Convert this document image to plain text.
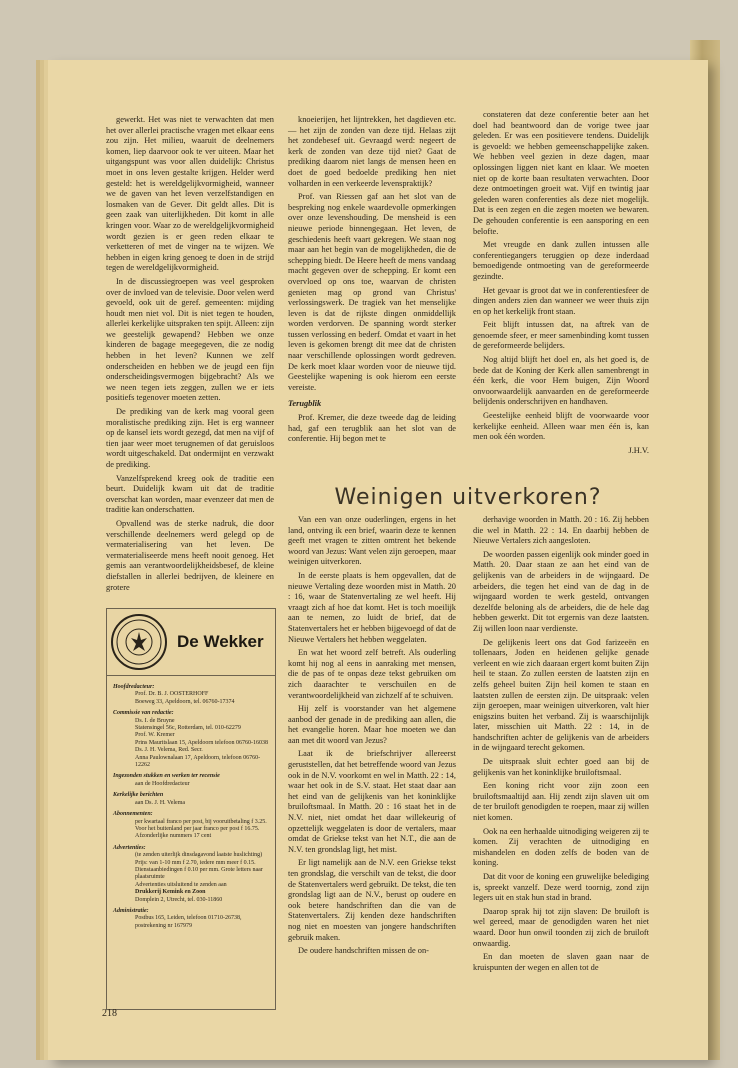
gewerkt. Het was niet te verwachten dat men het over allerlei practische vragen met elkaar eens zou zijn. Het milieu, waaruit de deelnemers komen, liep daarvoor ook te ver uiteen. Maar het uitgangspunt was voor allen duidelijk: Christus moet in ons leven gestalte krijgen. Helder werd gesteld: het is wereldgelijkvormigheid, wanneer we de gaven van het leven verzelfstandigen en losmaken van de Gever. Dit geldt alles. Dit is geen zaak van uiterlijkheden. Dit komt in alle kringen voor. Waar zo de wereldgelijkvormigheid wordt gezien is er geen reden elkaar te verketteren of met de vinger na te wijzen. We hebben in eigen kring genoeg te doen in de strijd tegen de wereldgelijkvormigheid.

In de discussiegroepen was veel gesproken over de invloed van de televisie. Door velen werd gevoeld, ook uit de geref. gemeenten: mijding houdt men niet vol. Dit is niet tegen te houden, allerlei kerkelijke uitspraken ten spijt. Alleen: zijn we geestelijk gewapend? Hebben we onze kinderen de bagage meegegeven, die ze nodig hebben in het leven? Kunnen we zelf onderscheiden en hebben we de jeugd een fijn onderscheidingsvermogen bijgebracht? Als we we neen tegen iets zeggen, zullen we er iets positiefs tegenover moeten zetten.

De prediking van de kerk mag vooral geen moralistische prediking zijn. Het is erg wanneer op de kansel iets wordt gezegd, dat men na vijf of tien jaar weer moet terugnemen of dat geruisloos wordt uitgeschakeld. Dat ondermijnt en verzwakt de prediking.

Vanzelfsprekend kreeg ook de traditie een beurt. Duidelijk kwam uit dat de traditie overschat kan worden, maar evenzeer dat men de traditie kan onderschatten.

Opvallend was de sterke nadruk, die door verschillende deelnemers werd gelegd op de vermaterialisering van het leven. De vermaterialiseerde mens heeft nooit genoeg. Het gemis aan verantwoordelijkheidsbesef, de kleine diefstallen in allerlei bedrijven, de kleinere en grotere

knoeierijen, het lijntrekken, het dagdieven etc. — het zijn de zonden van deze tijd. Helaas zijt het zondebesef uit. Gevraagd werd: negeert de kerk de zonden van deze tijd niet? Gaat de prediking daarom niet langs de mensen heen en doet de goed bedoelde prediking hen niet volharden in een verkeerde levenspraktijk?

Prof. van Riessen gaf aan het slot van de bespreking nog enkele waardevolle opmerkingen over onze levenshouding. De mensheid is een nieuwe periode binnengegaan. Het leven, de geschiedenis heeft vaart gekregen. We staan nog maar aan het begin van de mogelijkheden, die de schepping biedt. De Heere heeft de mens vandaag macht gegeven over de schepping. Er komt een overvloed op ons toe, waarvan de christen genieten mag op grond van Christus' verlossingswerk. De tragiek van het menselijke leven is dat de rijkste dingen onmiddellijk worden verdorven. De spanning wordt sterker tussen verlossing en bederf. Omdat et vaart in het leven is gekomen brengt dit mee dat de christen naar verschillende oplossingen wordt gedreven. De kerk moet klaar worden voor de nieuwe tijd. Geestelijke wapening is ook hierom een eerste vereiste.

Terugblik

Prof. Kremer, die deze tweede dag de leiding had, gaf een terugblik aan het slot van de conferentie. Hij begon met te

constateren dat deze conferentie beter aan het doel had beantwoord dan de vorige twee jaar geleden. Er was een positievere tendens. Duidelijk is gevoeld: we hebben gemeenschappelijke zaken. We hebben veel gezien in deze dagen, maar oplossingen liggen niet kant en klaar. We moeten niet op de korte baan resultaten verwachten. Door deze ontmoetingen groeit wat. Vijf en twintig jaar geleden waren conferenties als deze niet mogelijk. Dat is een zegen en die zegen moeten we bewaren. De gehouden conferentie is een aansporing en een belofte.

Met vreugde en dank zullen intussen alle conferentiegangers teruggien op deze inderdaad bemoedigende ontmoeting van de gereformeerde gezindte.

Het gevaar is groot dat we in conferentiesfeer de dingen anders zien dan wanneer we weer thuis zijn en op het kerkelijk front staan.

Feit blijft intussen dat, na aftrek van de genoemde sfeer, er meer samenbinding komt tussen de gereformeerde belijders.

Nog altijd blijft het doel en, als het goed is, de bede dat de Koning der Kerk allen samenbrengt in één kerk, die voor Hem buigen, Zijn Woord onvoorwaardelijk aanvaarden en de gereformeerde belijdenis onderschrijven en handhaven.

Geestelijke eenheid blijft de voorwaarde voor kerkelijke eenheid. Alleen waar men één is, kan men ook één worden.

J.H.V.

Weinigen uitverkoren?

Van een van onze ouderlingen, ergens in het land, ontving ik een brief, waarin deze te kennen geeft met vragen te zitten omtrent het bekende woord van Jezus: Want velen zijn geroepen, maar weinigen uitverkoren.

In de eerste plaats is hem opgevallen, dat de nieuwe Vertaling deze woorden mist in Matth. 20 : 16, waar de Statenvertaling ze wel heeft. Hij vraagt zich af hoe dat komt. Het is toch moeilijk aan te nemen, zo luidt de brief, dat de Statenvertalers het er hebben bijgevoegd of dat de Nieuwe Vertalers het hebben weggelaten.

En wat het woord zelf betreft. Als ouderling komt hij nog al eens in aanraking met mensen, die de pas of te onpas deze tekst gebruiken om zich daarachter te verschuilen en de verantwoordelijkheid van zichzelf af te schuiven.

Hij zelf is voorstander van het algemene aanbod der genade in de prediking aan allen, die het evangelie horen. Maar hoe moeten we dan aan met dit woord van Jezus?

Laat ik de briefschrijver allereerst geruststellen, dat het betreffende woord van Jezus ook in de N.V. voorkomt en wel in Matth. 22 : 14, waar het ook in de S.V. staat. Het staat daar aan het eind van de gelijkenis van het koninklijke bruiloftsmaal. In Matth. 20 : 16 staat het in de N.V. niet, niet omdat het daar willekeurig of opzettelijk weggelaten is door de vertalers, maar omdat de Griekse tekst van het N.T., die aan de N.V. ten grondslag ligt, het mist.

Er ligt namelijk aan de N.V. een Griekse tekst ten grondslag, die verschilt van de tekst, die door de Statenvertalers werd gebruikt. De tekst, die ten grondslag ligt aan de N.V., berust op oudere en ook betere handschriften dan die van de Statenvertalers. Zij kenden deze handschriften nog niet en moesten van jongere handschriften gebruik maken.

De oudere handschriften missen de on-

derhavige woorden in Matth. 20 : 16. Zij hebben die wel in Matth. 22 : 14. En daarbij hebben de Nieuwe Vertalers zich aangesloten.

De woorden passen eigenlijk ook minder goed in Matth. 20. Daar staan ze aan het eind van de gelijkenis van de arbeiders in de wijngaard. De arbeiders, die tegen het eind van de dag in de wijngaard worden te werk gesteld, ontvangen dezelfde beloning als de arbeiders, die de hele dag hebben gewerkt. Dit tot ergernis van deze laatsten. Zij willen loon naar verdienste.

De gelijkenis leert ons dat God farizeeën en tollenaars, Joden en heidenen gelijke genade verleent en wie zich daaraan ergert komt buiten Zijn heil te staan. Zo zullen eersten de laatsten zijn en zelfs geheel buiten Zijn heil komen te staan en laatsten zullen de eersten zijn. De uitspraak: velen zijn geroepen, maar weinigen uitverkoren, valt hier enigszins buiten het verband. Zij is waarschijnlijk later, misschien uit Matth. 22 : 14, in de handschriften achter de gelijkenis van de arbeiders in de wijngaard terecht gekomen.

De uitspraak sluit echter goed aan bij de gelijkenis van het koninklijke bruiloftsmaal.

Een koning richt voor zijn zoon een bruiloftsmaaltijd aan. Hij zendt zijn slaven uit om de ter bruiloft genodigden te roepen, maar zij willen niet komen.

Ook na een herhaalde uitnodiging weigeren zij te komen. Zij verachten de uitnodiging en mishandelen en doden zelfs de boden van de koning.

Dat dit voor de koning een gruwelijke belediging is, spreekt vanzelf. Deze werd toornig, zond zijn legers uit en stak hun stad in brand.

Daarop sprak hij tot zijn slaven: De bruiloft is wel gereed, maar de genodigden waren het niet waard. Door hun onwil toonden zij zich de bruiloft onwaardig.

En dan moeten de slaven gaan naar de kruispunten der wegen en allen tot de

De Wekker
Hoofdredacteur:
Prof. Dr. B. J. OOSTERHOFF
Boeweg 33, Apeldoorn, tel. 06760-17374
Commissie van redactie:
Ds. I. de Bruyne
Statensingel 56c, Rotterdam, tel. 010-62279
Prof. W. Kremer
Prins Mauritslaan 15, Apeldoorn telefoon 06760-16038
Ds. J. H. Velema, Red. Secr.
Anna Paulownalaan 17, Apeldoorn, telefoon 06760-12262
Ingezonden stukken en werken ter recensie
aan de Hoofdredacteur
Kerkelijke berichten
aan Ds. J. H. Velema
Abonnementen:
per kwartaal franco per post, bij vooruitbetaling f 3.25. Voor het buitenland per jaar franco per post f 16.75. Afzonderlijke nummers 17 cent
Advertenties:
(te zenden uiterlijk dinsdagavond laatste huslichting) Prijs: van 1-10 mm f 2.70, iedere mm meer f 0.15. Dienstaanbiedingen f 0.10 per mm. Grote letters naar plaatsruimte
Advertenties uitsluitend te zenden aan
Drukkerij Kemink en Zoon
Domplein 2, Utrecht, tel. 030-11860
Administratie:
Postbus 165, Leiden, telefoon 01710-26738, postrekening nr 167979
218
